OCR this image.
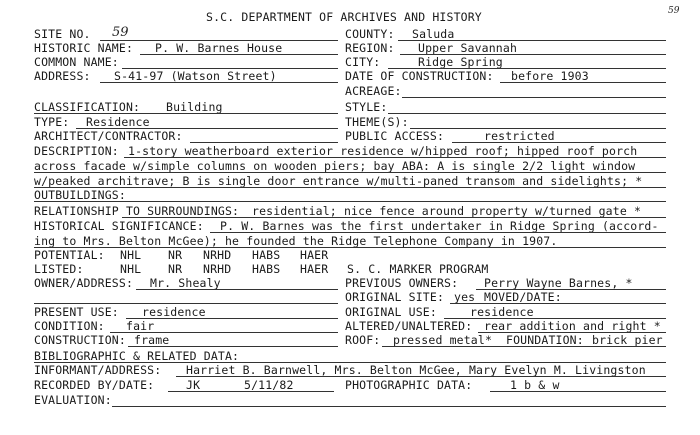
59
S.C. DEPARTMENT OF ARCHIVES AND HISTORY
SITE NO. 59	COUNTY: Saluda
HISTORIC NAME: P. W. Barnes House	REGION: Upper Savannah
COMMON NAME:	CITY:	Ridge Spring
ADDRESS: S-41-97 (Watson Street)	DATE OF CONSTRUCTION: before 1903
ACREAGE:
CLASSIFICATION: Building	STYLE:
TYPE: Residence	THEME(S):
ARCHITECT/CONTRACTOR:	PUBLIC ACCESS:	restricted
DESCRIPTION: 1-story weatherboard exterior residence w/hipped roof; hipped roof porch
across facade w/simple columns on wooden piers; bay ABA: A is single 2/2 light window
w/peaked architrave; B is single door entrance w/multi-paned transom and sidelights; *
OUTBUILDINGS:
RELATIONSHIP TO SURROUNDINGS: residential; nice fence around property w/turned gate *
HISTORICAL SIGNIFICANCE: P. W. Barnes was the first undertaker in Ridge Spring (accord-
ing to Mrs. Belton McGee); he founded the Ridge Telephone Company in 1907.
POTENTIAL: NHL NR NRHD HABS HAER
LISTED:	NHL NR NRHD HABS HAER S. C. MARKER PROGRAM
OWNER/ADDRESS: Mr. Shealy	PREVIOUS OWNERS: Perry Wayne Barnes, *
ORIGINAL SITE: yes MOVED/DATE:
PRESENT USE: residence	ORIGINAL USE:	residence
CONDITION: fair	ALTERED/UNALTERED: rear addition and right *
CONSTRUCTION: frame	ROOF: pressed metal* FOUNDATION: brick pier
BIBLIOGRAPHIC & RELATED DATA:
INFORMANT/ADDRESS: Harriet B. Barnwell, Mrs. Belton McGee, Mary Evelyn M. Livingston
RECORDED BY/DATE:	JK	5/11/82	PHOTOGRAPHIC DATA:	1 b & w
EVALUATION:
